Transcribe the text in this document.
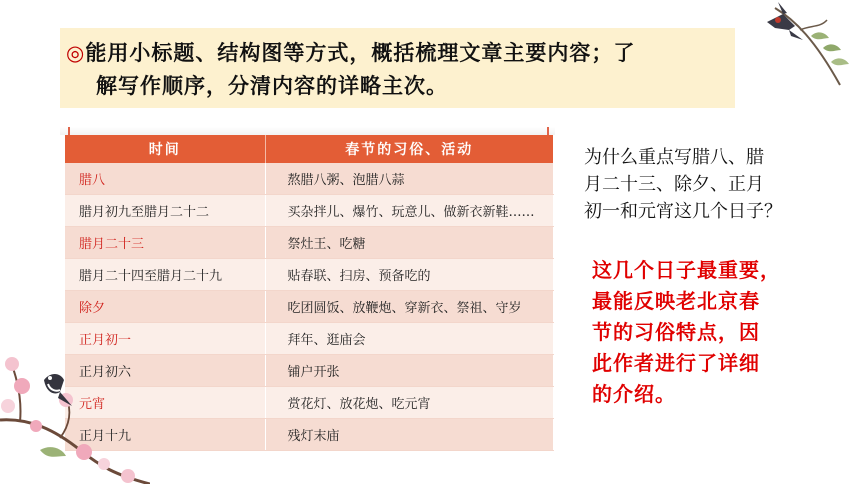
◎能用小标题、结构图等方式，概括梳理文章主要内容；了
解写作顺序，分清内容的详略主次。
时间	春节的习俗、活动
腊八	熬腊八粥、泡腊八蒜
腊月初九至腊月二十二	买杂拌儿、爆竹、玩意儿、做新衣新鞋……
腊月二十三	祭灶王、吃糖
腊月二十四至腊月二十九	贴春联、扫房、预备吃的
除夕	吃团圆饭、放鞭炮、穿新衣、祭祖、守岁
正月初一	拜年、逛庙会
正月初六	铺户开张
元宵	赏花灯、放花炮、吃元宵
正月十九	残灯末庙
为什么重点写腊八、腊
月二十三、除夕、正月
初一和元宵这几个日子？
这几个日子最重要，
最能反映老北京春
节的习俗特点，因
此作者进行了详细
的介绍。
